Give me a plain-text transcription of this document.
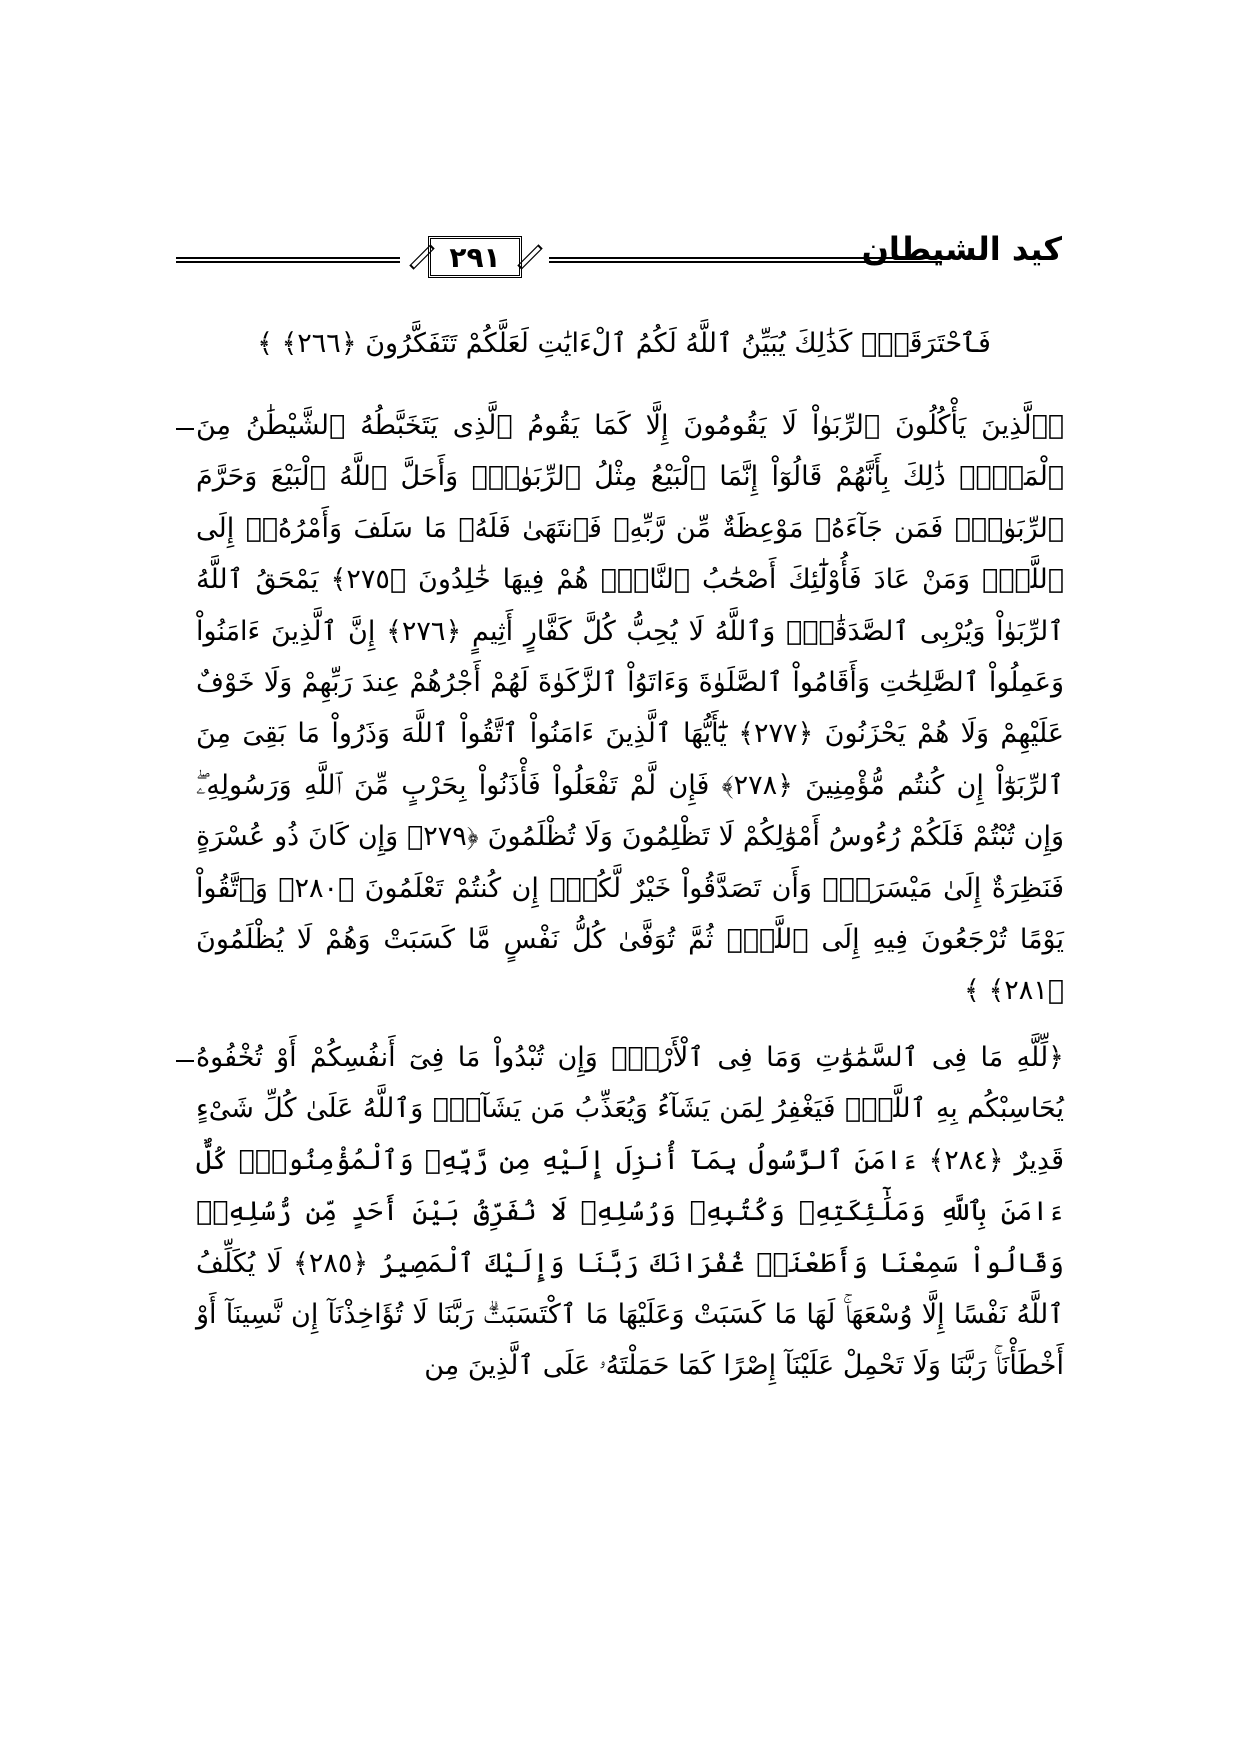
٢٩١	كيد الشيطان
فَٱحْتَرَقَتْۗ كَذَٰلِكَ يُبَيِّنُ ٱللَّهُ لَكُمُ ٱلْءَايَٰتِ لَعَلَّكُمْ تَتَفَكَّرُونَ ﴿٢٦٦﴾ ﴾
﴿ٱلَّذِينَ يَأْكُلُونَ ٱلرِّبَوٰاْ لَا يَقُومُونَ إِلَّا كَمَا يَقُومُ ٱلَّذِى يَتَخَبَّطُهُ ٱلشَّيْطَٰنُ مِنَ ٱلْمَسِّۚ ذَٰلِكَ بِأَنَّهُمْ قَالُوٓاْ إِنَّمَا ٱلْبَيْعُ مِثْلُ ٱلرِّبَوٰاْۗ وَأَحَلَّ ٱللَّهُ ٱلْبَيْعَ وَحَرَّمَ ٱلرِّبَوٰاْۚ فَمَن جَآءَهُۥ مَوْعِظَةٌ مِّن رَّبِّهِۦ فَٱنتَهَىٰ فَلَهُۥ مَا سَلَفَ وَأَمْرُهُۥٓ إِلَى ٱللَّهِۖ وَمَنْ عَادَ فَأُوْلَٰٓئِكَ أَصْحَٰبُ ٱلنَّارِۖ هُمْ فِيهَا خَٰلِدُونَ ﴿٢٧٥﴾ يَمْحَقُ ٱللَّهُ ٱلرِّبَوٰاْ وَيُرْبِى ٱلصَّدَقَٰتِۗ وَٱللَّهُ لَا يُحِبُّ كُلَّ كَفَّارٍ أَثِيمٍ ﴿٢٧٦﴾ إِنَّ ٱلَّذِينَ ءَامَنُواْ وَعَمِلُواْ ٱلصَّٰلِحَٰتِ وَأَقَامُواْ ٱلصَّلَوٰةَ وَءَاتَوُاْ ٱلزَّكَوٰةَ لَهُمْ أَجْرُهُمْ عِندَ رَبِّهِمْ وَلَا خَوْفٌ عَلَيْهِمْ وَلَا هُمْ يَحْزَنُونَ ﴿٢٧٧﴾ يَٰٓأَيُّهَا ٱلَّذِينَ ءَامَنُواْ ٱتَّقُواْ ٱللَّهَ وَذَرُواْ مَا بَقِىَ مِنَ ٱلرِّبَوٰٓاْ إِن كُنتُم مُّؤْمِنِينَ ﴿٢٧٨﴾ فَإِن لَّمْ تَفْعَلُواْ فَأْذَنُواْ بِحَرْبٍ مِّنَ ٱللَّهِ وَرَسُولِهِۦۖ وَإِن تُبْتُمْ فَلَكُمْ رُءُوسُ أَمْوَٰلِكُمْ لَا تَظْلِمُونَ وَلَا تُظْلَمُونَ ﴿٢٧٩﴾ وَإِن كَانَ ذُو عُسْرَةٍ فَنَظِرَةٌ إِلَىٰ مَيْسَرَةٍۚ وَأَن تَصَدَّقُواْ خَيْرٌ لَّكُمْۖ إِن كُنتُمْ تَعْلَمُونَ ﴿٢٨٠﴾ وَٱتَّقُواْ يَوْمًا تُرْجَعُونَ فِيهِ إِلَى ٱللَّهِۖ ثُمَّ تُوَفَّىٰ كُلُّ نَفْسٍ مَّا كَسَبَتْ وَهُمْ لَا يُظْلَمُونَ ﴿٢٨١﴾ ﴾
﴿لِّلَّهِ مَا فِى ٱلسَّمَٰوَٰتِ وَمَا فِى ٱلْأَرْضِۗ وَإِن تُبْدُواْ مَا فِىٓ أَنفُسِكُمْ أَوْ تُخْفُوهُ يُحَاسِبْكُم بِهِ ٱللَّهُۖ فَيَغْفِرُ لِمَن يَشَآءُ وَيُعَذِّبُ مَن يَشَآءُۗ وَٱللَّهُ عَلَىٰ كُلِّ شَىْءٍ قَدِيرٌ ﴿٢٨٤﴾ ءَامَنَ ٱلرَّسُولُ بِمَآ أُنزِلَ إِلَيْهِ مِن رَّبِّهِۦ وَٱلْمُؤْمِنُونَۚ كُلٌّ ءَامَنَ بِٱللَّهِ وَمَلَٰٓئِكَتِهِۦ وَكُتُبِهِۦ وَرُسُلِهِۦ لَا نُفَرِّقُ بَيْنَ أَحَدٍ مِّن رُّسُلِهِۦۚ وَقَالُواْ سَمِعْنَا وَأَطَعْنَاۖ غُفْرَانَكَ رَبَّنَا وَإِلَيْكَ ٱلْمَصِيرُ ﴿٢٨٥﴾ لَا يُكَلِّفُ ٱللَّهُ نَفْسًا إِلَّا وُسْعَهَاۚ لَهَا مَا كَسَبَتْ وَعَلَيْهَا مَا ٱكْتَسَبَتْۗ رَبَّنَا لَا تُؤَاخِذْنَآ إِن نَّسِينَآ أَوْ أَخْطَأْنَاۚ رَبَّنَا وَلَا تَحْمِلْ عَلَيْنَآ إِصْرًا كَمَا حَمَلْتَهُۥ عَلَى ٱلَّذِينَ مِن
